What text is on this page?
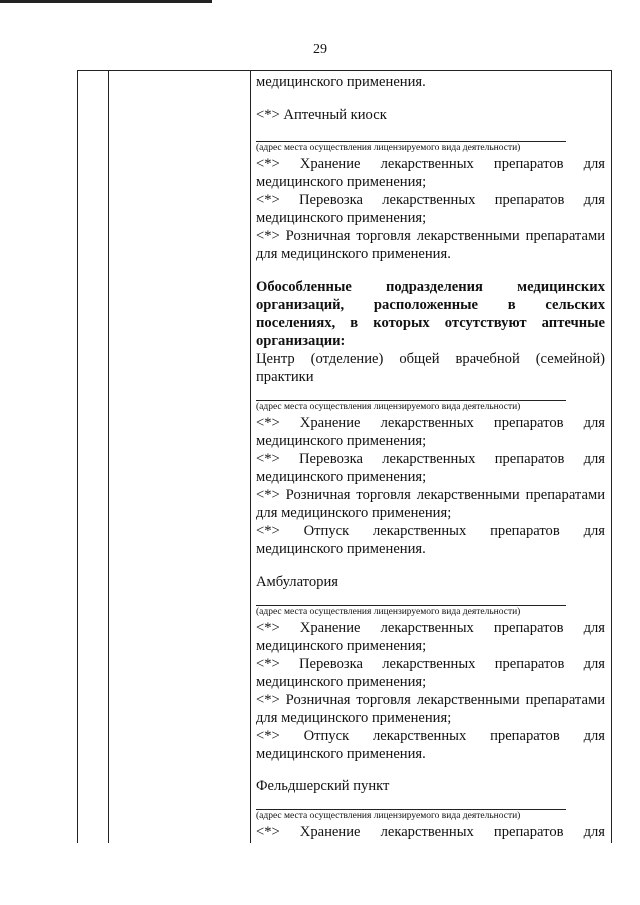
29
медицинского применения.
<*> Аптечный киоск
(адрес места осуществления лицензируемого вида деятельности)
<*> Хранение лекарственных препаратов для
медицинского применения;
<*> Перевозка лекарственных препаратов для
медицинского применения;
<*> Розничная торговля лекарственными препаратами
для медицинского применения.
Обособленные подразделения медицинских
организаций, расположенные в сельских
поселениях, в которых отсутствуют аптечные
организации:
Центр (отделение) общей врачебной (семейной)
практики
(адрес места осуществления лицензируемого вида деятельности)
<*> Хранение лекарственных препаратов для
медицинского применения;
<*> Перевозка лекарственных препаратов для
медицинского применения;
<*> Розничная торговля лекарственными препаратами
для медицинского применения;
<*> Отпуск лекарственных препаратов для
медицинского применения.
Амбулатория
(адрес места осуществления лицензируемого вида деятельности)
<*> Хранение лекарственных препаратов для
медицинского применения;
<*> Перевозка лекарственных препаратов для
медицинского применения;
<*> Розничная торговля лекарственными препаратами
для медицинского применения;
<*> Отпуск лекарственных препаратов для
медицинского применения.
Фельдшерский пункт
(адрес места осуществления лицензируемого вида деятельности)
<*> Хранение лекарственных препаратов для
